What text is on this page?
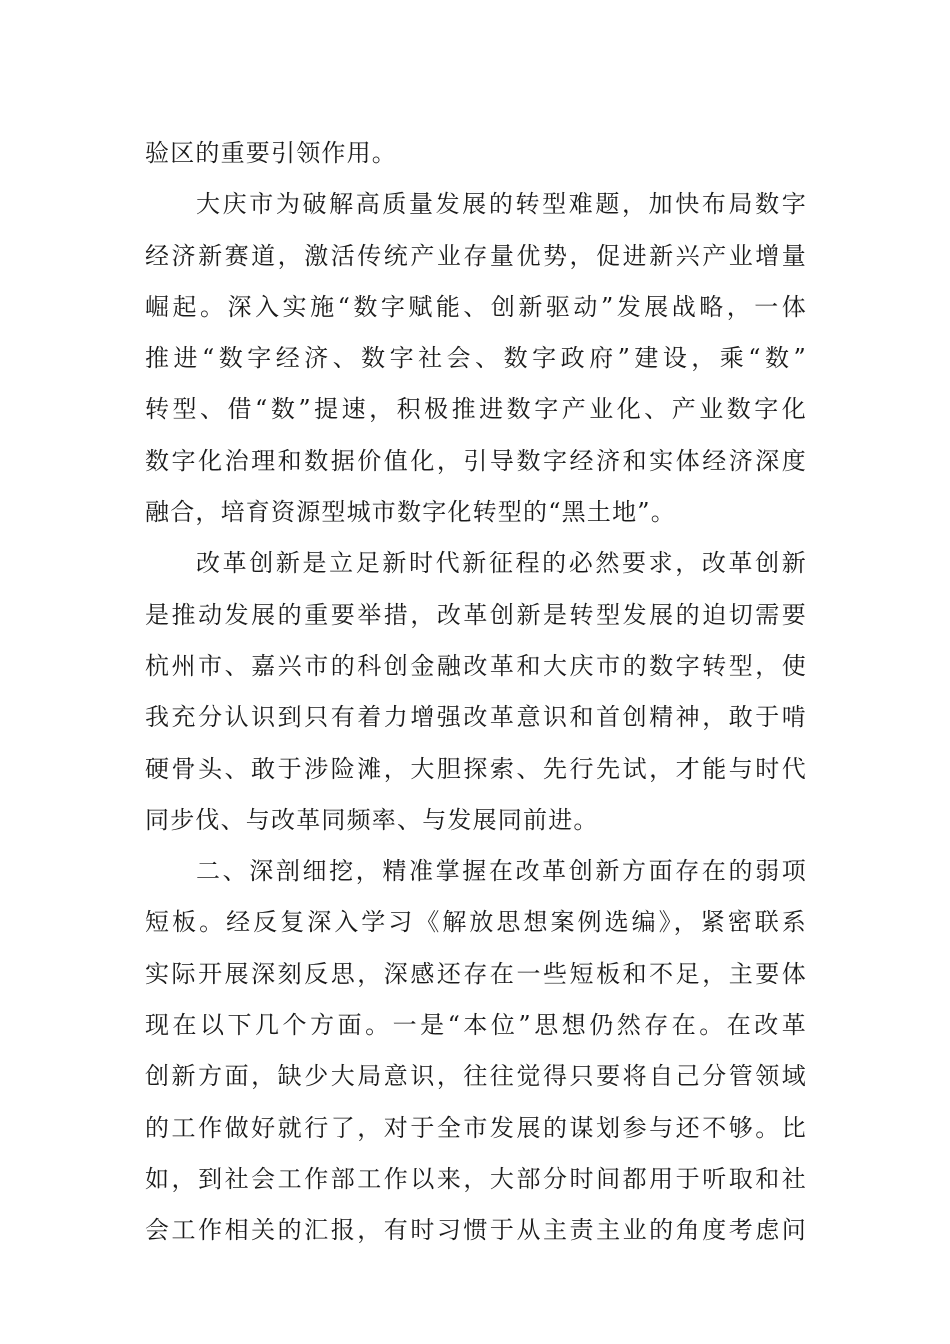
验区的重要引领作用。
大庆市为破解高质量发展的转型难题，加快布局数字
经济新赛道，激活传统产业存量优势，促进新兴产业增量
崛起。深入实施“数字赋能、创新驱动”发展战略，一体
推进“数字经济、数字社会、数字政府”建设，乘“数”
转型、借“数”提速，积极推进数字产业化、产业数字化
数字化治理和数据价值化，引导数字经济和实体经济深度
融合，培育资源型城市数字化转型的“黑土地”。
改革创新是立足新时代新征程的必然要求，改革创新
是推动发展的重要举措，改革创新是转型发展的迫切需要
杭州市、嘉兴市的科创金融改革和大庆市的数字转型，使
我充分认识到只有着力增强改革意识和首创精神，敢于啃
硬骨头、敢于涉险滩，大胆探索、先行先试，才能与时代
同步伐、与改革同频率、与发展同前进。
二、深剖细挖，精准掌握在改革创新方面存在的弱项
短板。经反复深入学习《解放思想案例选编》，紧密联系
实际开展深刻反思，深感还存在一些短板和不足，主要体
现在以下几个方面。一是“本位”思想仍然存在。在改革
创新方面，缺少大局意识，往往觉得只要将自己分管领域
的工作做好就行了，对于全市发展的谋划参与还不够。比
如，到社会工作部工作以来，大部分时间都用于听取和社
会工作相关的汇报，有时习惯于从主责主业的角度考虑问
